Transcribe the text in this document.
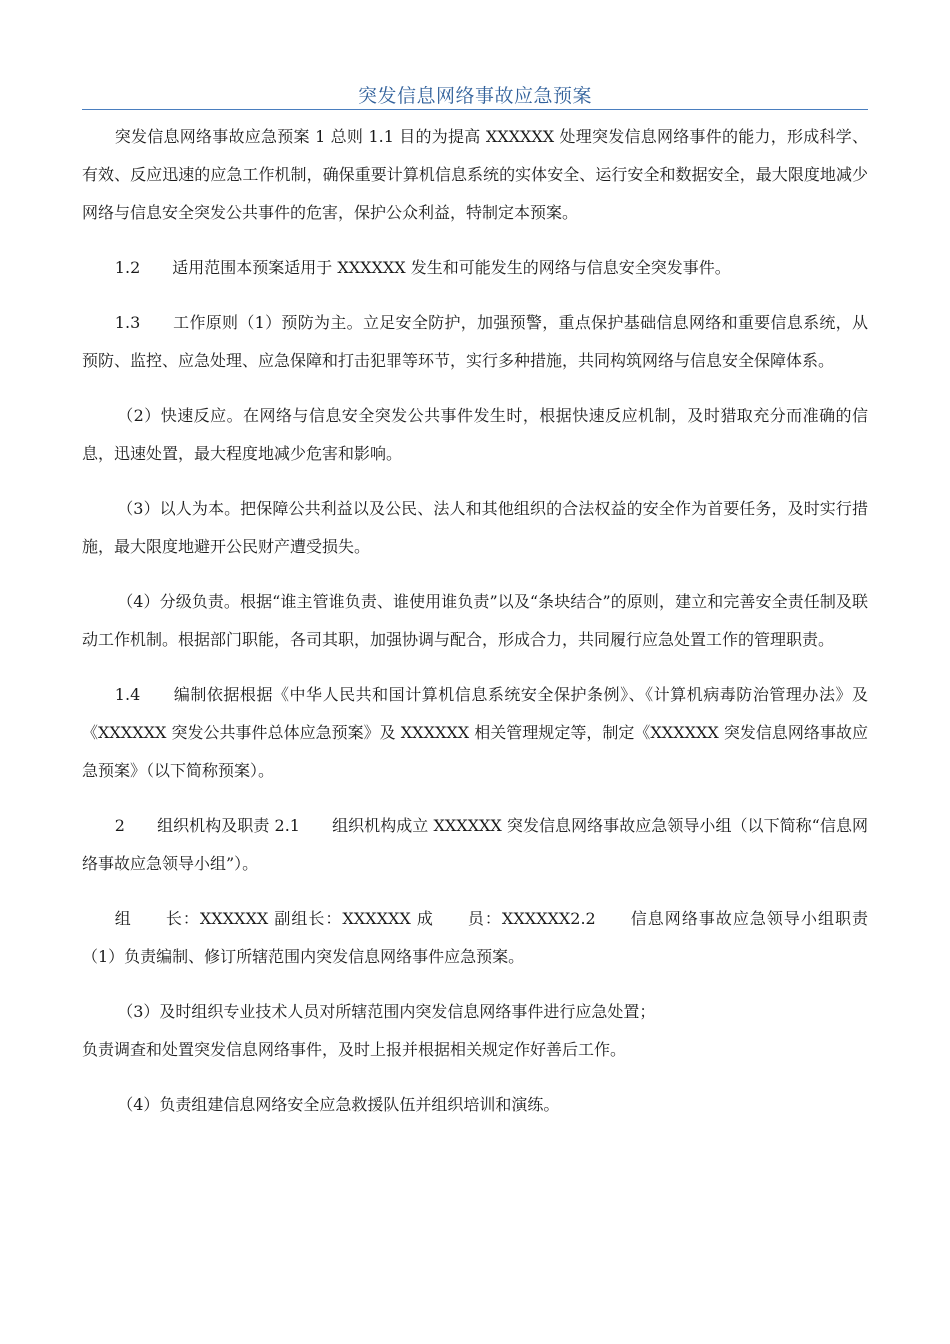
突发信息网络事故应急预案

突发信息网络事故应急预案 1 总则 1.1 目的为提高 XXXXXX 处理突发信息网络事件的能力，形成科学、有效、反应迅速的应急工作机制，确保重要计算机信息系统的实体安全、运行安全和数据安全，最大限度地减少网络与信息安全突发公共事件的危害，保护公众利益，特制定本预案。

1.2　　适用范围本预案适用于 XXXXXX 发生和可能发生的网络与信息安全突发事件。

1.3　　工作原则（1）预防为主。立足安全防护，加强预警，重点保护基础信息网络和重要信息系统，从预防、监控、应急处理、应急保障和打击犯罪等环节，实行多种措施，共同构筑网络与信息安全保障体系。

（2）快速反应。在网络与信息安全突发公共事件发生时，根据快速反应机制，及时猎取充分而准确的信息，迅速处置，最大程度地减少危害和影响。

（3）以人为本。把保障公共利益以及公民、法人和其他组织的合法权益的安全作为首要任务，及时实行措施，最大限度地避开公民财产遭受损失。

（4）分级负责。根据“谁主管谁负责、谁使用谁负责”以及“条块结合”的原则，建立和完善安全责任制及联动工作机制。根据部门职能，各司其职，加强协调与配合，形成合力，共同履行应急处置工作的管理职责。

1.4　　编制依据根据《中华人民共和国计算机信息系统安全保护条例》、《计算机病毒防治管理办法》及《XXXXXX 突发公共事件总体应急预案》及 XXXXXX 相关管理规定等，制定《XXXXXX 突发信息网络事故应急预案》（以下简称预案）。

2　　组织机构及职责 2.1　　组织机构成立 XXXXXX 突发信息网络事故应急领导小组（以下简称“信息网络事故应急领导小组”）。

组　　长：XXXXXX 副组长：XXXXXX 成　　员：XXXXXX2.2　　信息网络事故应急领导小组职责（1）负责编制、修订所辖范围内突发信息网络事件应急预案。

（3）及时组织专业技术人员对所辖范围内突发信息网络事件进行应急处置；

负责调查和处置突发信息网络事件，及时上报并根据相关规定作好善后工作。

（4）负责组建信息网络安全应急救援队伍并组织培训和演练。
